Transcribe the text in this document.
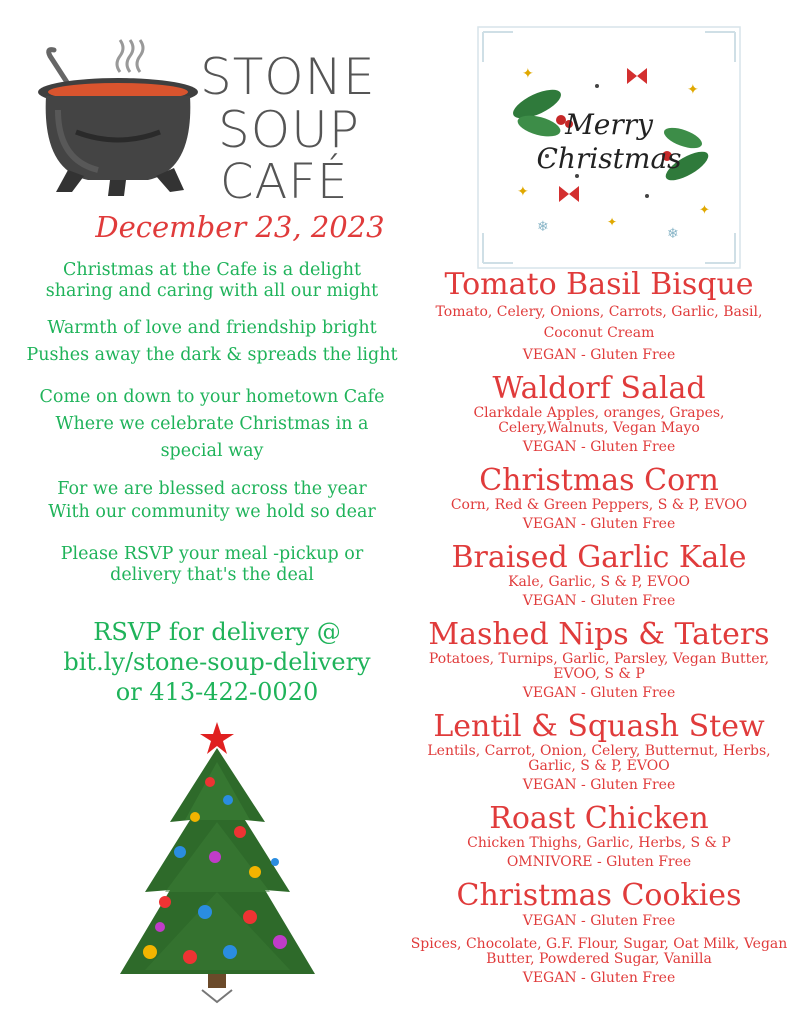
STONE
SOUP
CAFÉ
December 23, 2023
Christmas at the Cafe is a delight
sharing and caring with all our might
Warmth of love and friendship bright
Pushes away the dark & spreads the light
Come on down to your hometown Cafe
Where we celebrate Christmas in a
special way
For we are blessed across the year
With our community we hold so dear
Please RSVP your meal -pickup or
delivery that's the deal
RSVP for delivery @
bit.ly/stone-soup-delivery
or 413-422-0020
✦
✦
✦
✦
✦
❄	❄
Merry
Christmas
Tomato Basil Bisque
Tomato, Celery, Onions, Carrots, Garlic, Basil, Coconut Cream
VEGAN - Gluten Free
Waldorf Salad
Clarkdale Apples, oranges, Grapes, Celery,Walnuts, Vegan Mayo
VEGAN - Gluten Free
Christmas Corn
Corn, Red & Green Peppers, S & P, EVOO
VEGAN - Gluten Free
Braised Garlic Kale
Kale, Garlic, S & P, EVOO
VEGAN - Gluten Free
Mashed Nips & Taters
Potatoes, Turnips, Garlic, Parsley, Vegan Butter, EVOO, S & P
VEGAN - Gluten Free
Lentil & Squash Stew
Lentils, Carrot, Onion, Celery, Butternut, Herbs, Garlic, S & P, EVOO
VEGAN - Gluten Free
Roast Chicken
Chicken Thighs, Garlic, Herbs, S & P
OMNIVORE - Gluten Free
Christmas Cookies
VEGAN - Gluten Free
Spices, Chocolate, G.F. Flour, Sugar, Oat Milk, Vegan Butter, Powdered Sugar, Vanilla
VEGAN - Gluten Free
